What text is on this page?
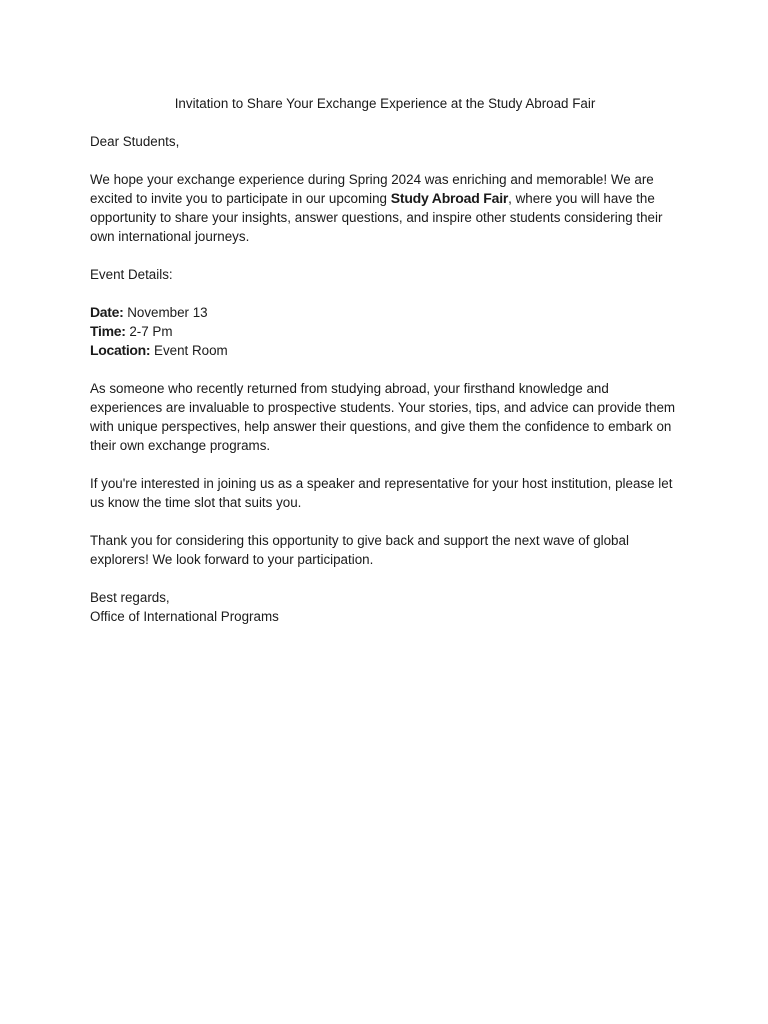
Invitation to Share Your Exchange Experience at the Study Abroad Fair

Dear Students,

We hope your exchange experience during Spring 2024 was enriching and memorable! We are excited to invite you to participate in our upcoming Study Abroad Fair, where you will have the opportunity to share your insights, answer questions, and inspire other students considering their own international journeys.

Event Details:

Date: November 13
Time: 2-7 Pm
Location: Event Room

As someone who recently returned from studying abroad, your firsthand knowledge and experiences are invaluable to prospective students. Your stories, tips, and advice can provide them with unique perspectives, help answer their questions, and give them the confidence to embark on their own exchange programs.

If you're interested in joining us as a speaker and representative for your host institution, please let us know the time slot that suits you.

Thank you for considering this opportunity to give back and support the next wave of global explorers! We look forward to your participation.

Best regards,
Office of International Programs
